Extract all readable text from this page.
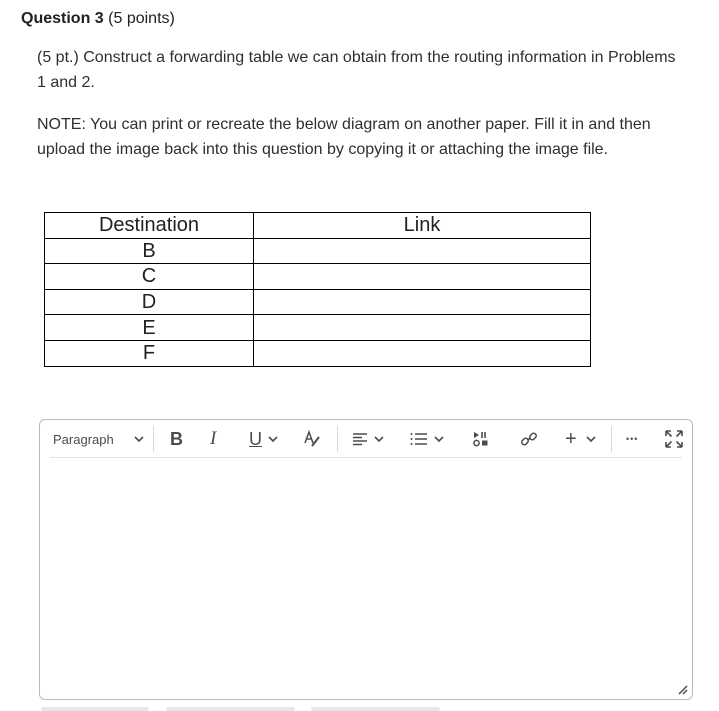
Question 3 (5 points)

(5 pt.) Construct a forwarding table we can obtain from the routing information in Problems 1 and 2.

NOTE: You can print or recreate the below diagram on another paper. Fill it in and then upload the image back into this question by copying it or attaching the image file.

Destination	Link
B	
C	
D	
E	
F	
Paragraph	B I U	+	•••
